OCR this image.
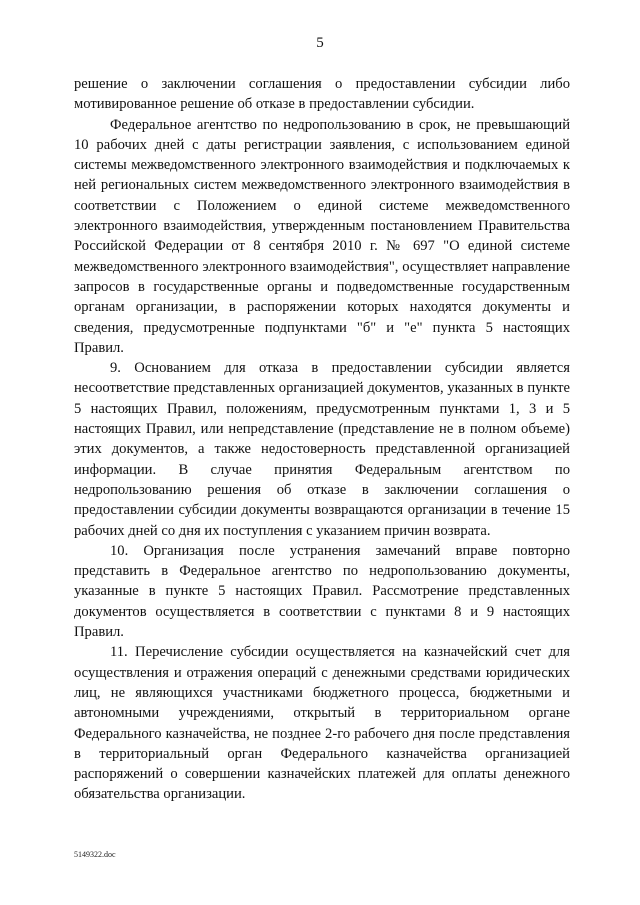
5

решение о заключении соглашения о предоставлении субсидии либо мотивированное решение об отказе в предоставлении субсидии.

Федеральное агентство по недропользованию в срок, не превышающий 10 рабочих дней с даты регистрации заявления, с использованием единой системы межведомственного электронного взаимодействия и подключаемых к ней региональных систем межведомственного электронного взаимодействия в соответствии с Положением о единой системе межведомственного электронного взаимодействия, утвержденным постановлением Правительства Российской Федерации от 8 сентября 2010 г. № 697 "О единой системе межведомственного электронного взаимодействия", осуществляет направление запросов в государственные органы и подведомственные государственным органам организации, в распоряжении которых находятся документы и сведения, предусмотренные подпунктами "б" и "е" пункта 5 настоящих Правил.

9. Основанием для отказа в предоставлении субсидии является несоответствие представленных организацией документов, указанных в пункте 5 настоящих Правил, положениям, предусмотренным пунктами 1, 3 и 5 настоящих Правил, или непредставление (представление не в полном объеме) этих документов, а также недостоверность представленной организацией информации. В случае принятия Федеральным агентством по недропользованию решения об отказе в заключении соглашения о предоставлении субсидии документы возвращаются организации в течение 15 рабочих дней со дня их поступления с указанием причин возврата.

10. Организация после устранения замечаний вправе повторно представить в Федеральное агентство по недропользованию документы, указанные в пункте 5 настоящих Правил. Рассмотрение представленных документов осуществляется в соответствии с пунктами 8 и 9 настоящих Правил.

11. Перечисление субсидии осуществляется на казначейский счет для осуществления и отражения операций с денежными средствами юридических лиц, не являющихся участниками бюджетного процесса, бюджетными и автономными учреждениями, открытый в территориальном органе Федерального казначейства, не позднее 2-го рабочего дня после представления в территориальный орган Федерального казначейства организацией распоряжений о совершении казначейских платежей для оплаты денежного обязательства организации.

5149322.doc
